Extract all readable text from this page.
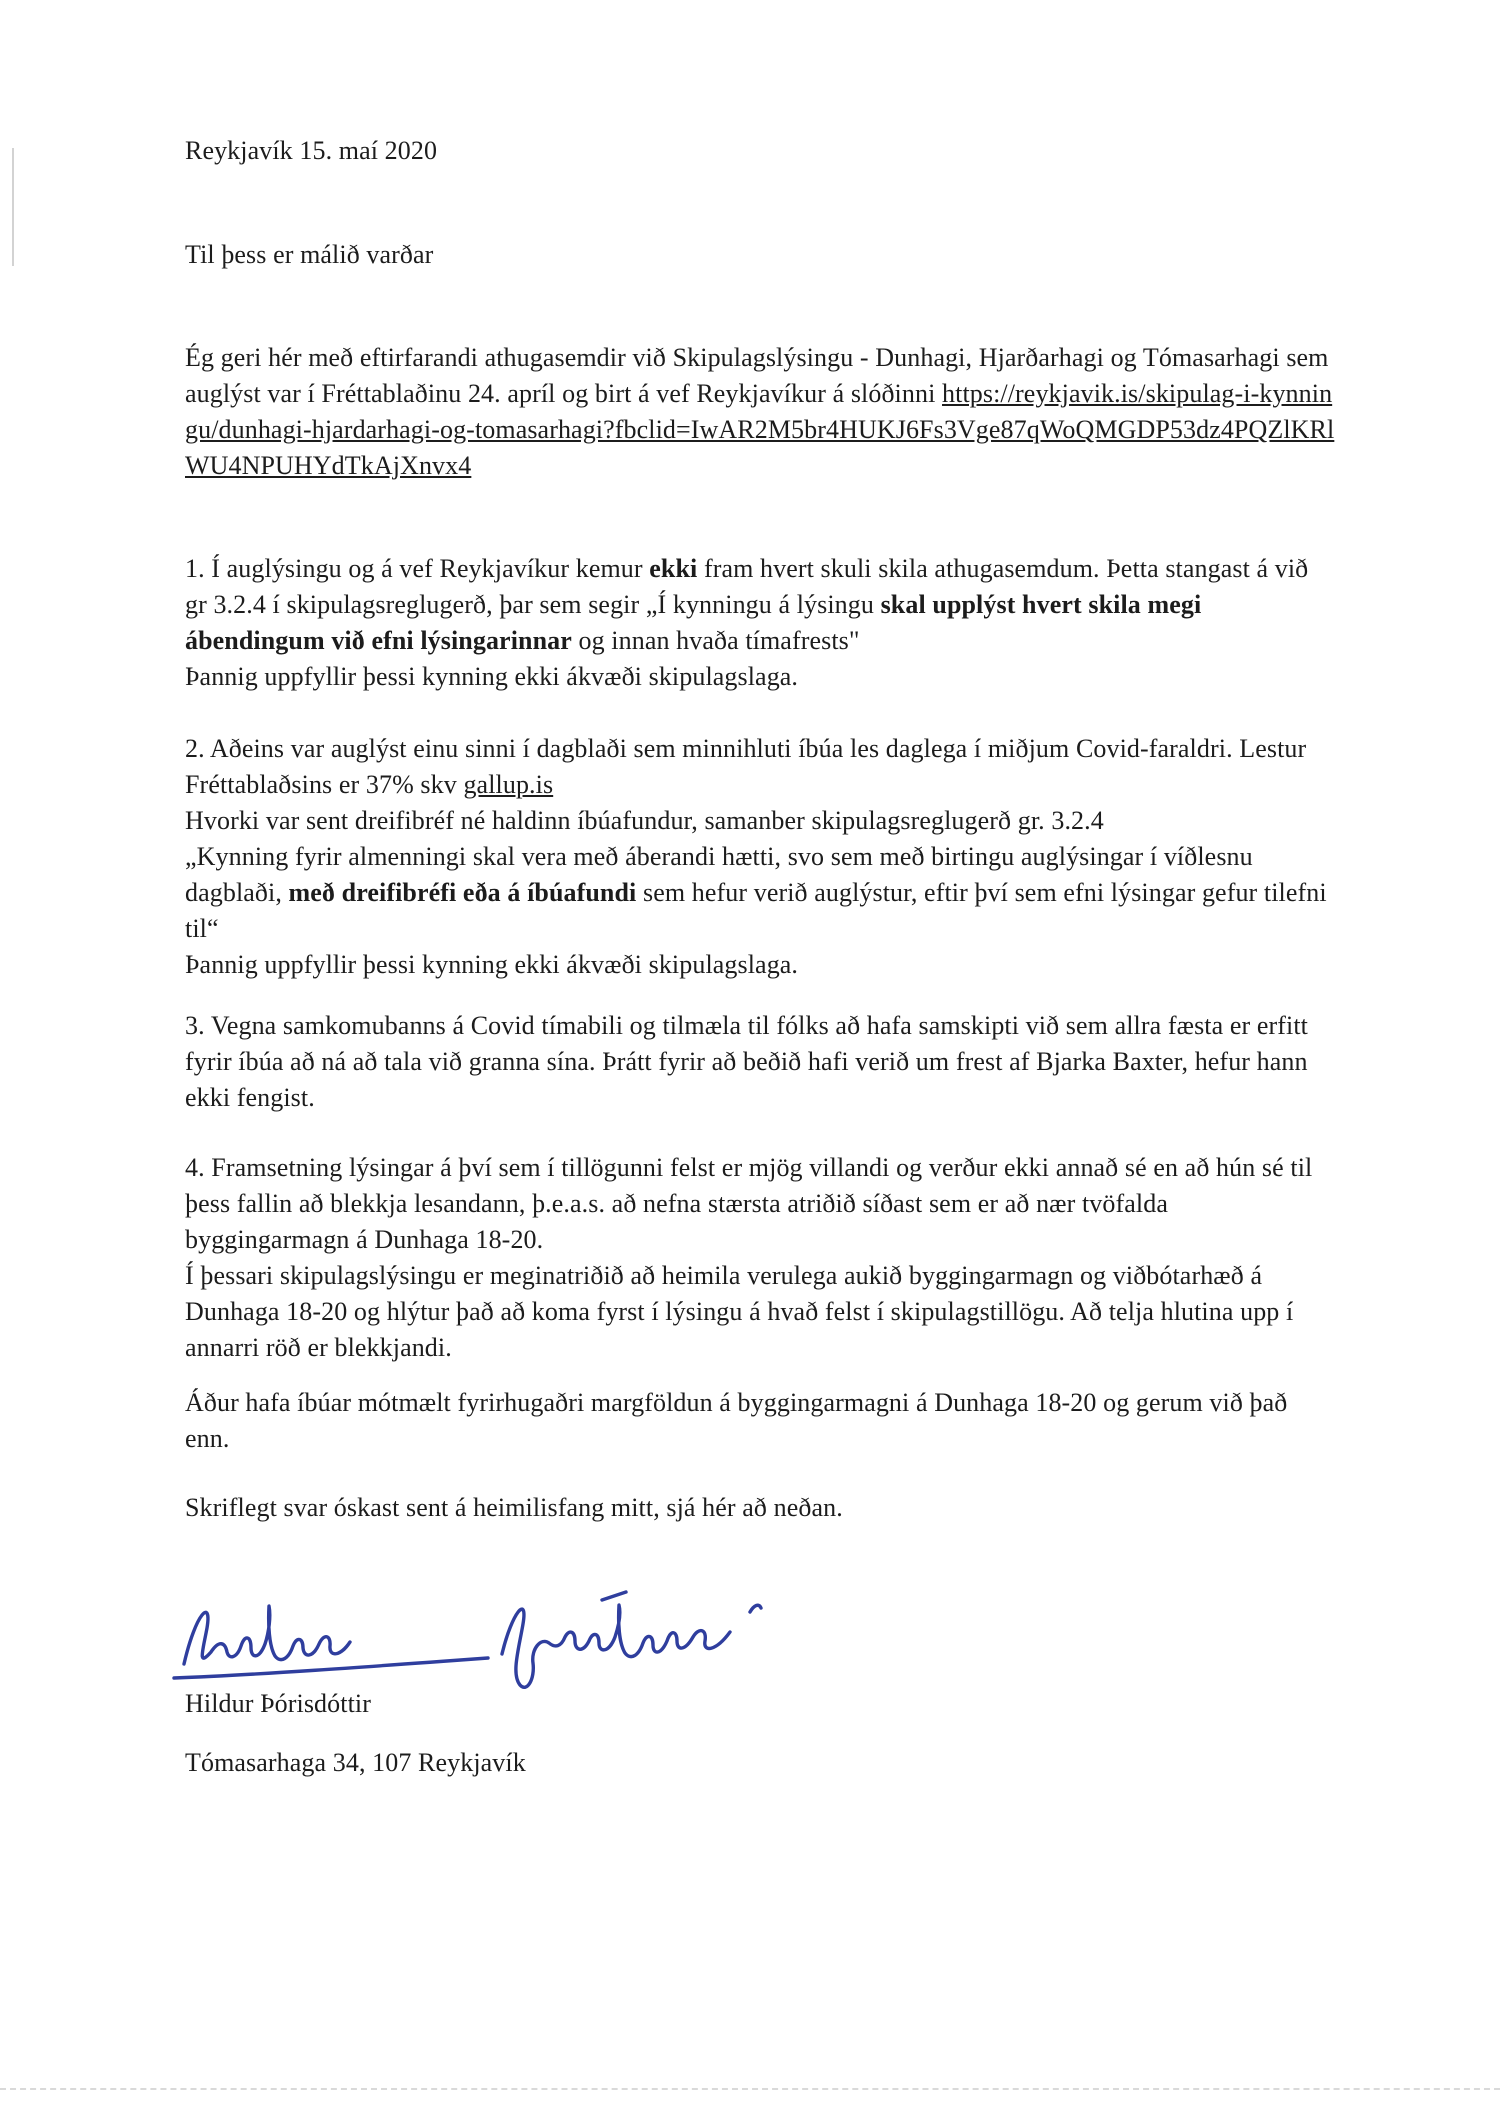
Reykjavík 15. maí 2020

Til þess er málið varðar

Ég geri hér með eftirfarandi athugasemdir við Skipulagslýsingu - Dunhagi, Hjarðarhagi og Tómasarhagi sem auglýst var í Fréttablaðinu 24. apríl og birt á vef Reykjavíkur á slóðinni https://reykjavik.is/skipulag-i-kynningu/dunhagi-hjardarhagi-og-tomasarhagi?fbclid=IwAR2M5br4HUKJ6Fs3Vge87qWoQMGDP53dz4PQZlKRlWU4NPUHYdTkAjXnvx4

1. Í auglýsingu og á vef Reykjavíkur kemur ekki fram hvert skuli skila athugasemdum. Þetta stangast á við gr 3.2.4 í skipulagsreglugerð, þar sem segir „Í kynningu á lýsingu skal upplýst hvert skila megi ábendingum við efni lýsingarinnar og innan hvaða tímafrests"
Þannig uppfyllir þessi kynning ekki ákvæði skipulagslaga.

2. Aðeins var auglýst einu sinni í dagblaði sem minnihluti íbúa les daglega í miðjum Covid-faraldri. Lestur Fréttablaðsins er 37% skv gallup.is
Hvorki var sent dreifibréf né haldinn íbúafundur, samanber skipulagsreglugerð gr. 3.2.4
„Kynning fyrir almenningi skal vera með áberandi hætti, svo sem með birtingu auglýsingar í víðlesnu dagblaði, með dreifibréfi eða á íbúafundi sem hefur verið auglýstur, eftir því sem efni lýsingar gefur tilefni til“
Þannig uppfyllir þessi kynning ekki ákvæði skipulagslaga.

3. Vegna samkomubanns á Covid tímabili og tilmæla til fólks að hafa samskipti við sem allra fæsta er erfitt fyrir íbúa að ná að tala við granna sína. Þrátt fyrir að beðið hafi verið um frest af Bjarka Baxter, hefur hann ekki fengist.

4. Framsetning lýsingar á því sem í tillögunni felst er mjög villandi og verður ekki annað sé en að hún sé til þess fallin að blekkja lesandann, þ.e.a.s. að nefna stærsta atriðið síðast sem er að nær tvöfalda byggingarmagn á Dunhaga 18-20.
Í þessari skipulagslýsingu er meginatriðið að heimila verulega aukið byggingarmagn og viðbótarhæð á Dunhaga 18-20 og hlýtur það að koma fyrst í lýsingu á hvað felst í skipulagstillögu. Að telja hlutina upp í annarri röð er blekkjandi.

Áður hafa íbúar mótmælt fyrirhugaðri margföldun á byggingarmagni á Dunhaga 18-20 og gerum við það enn.

Skriflegt svar óskast sent á heimilisfang mitt, sjá hér að neðan.

Hildur Þórisdóttir

Tómasarhaga 34, 107 Reykjavík
